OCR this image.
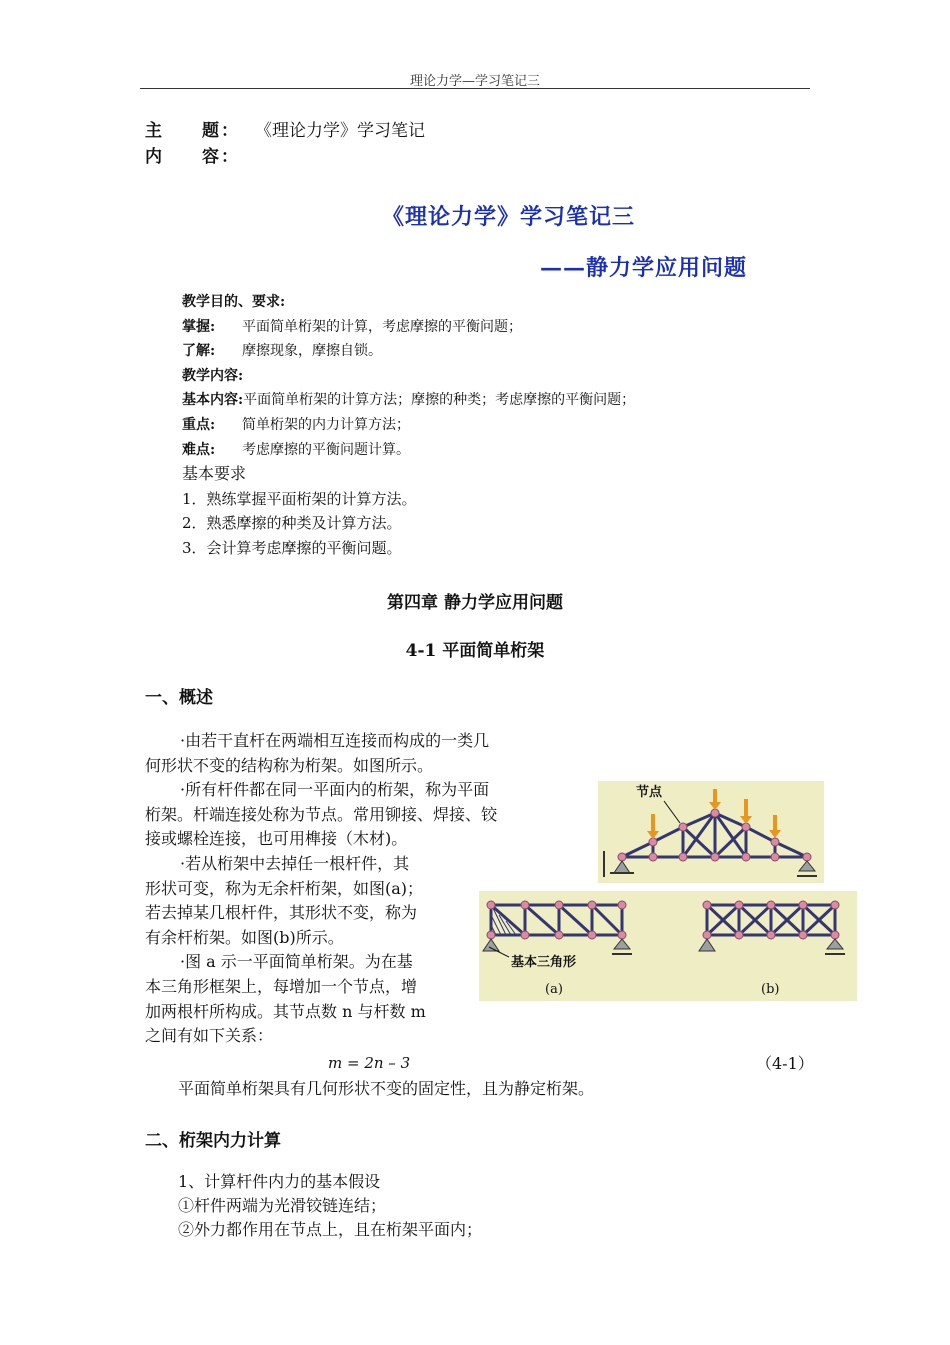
理论力学—学习笔记三
主　　题： 《理论力学》学习笔记
内　　容：
《理论力学》学习笔记三
——静力学应用问题
教学目的、要求:
掌握: 平面简单桁架的计算，考虑摩擦的平衡问题；
了解: 摩擦现象，摩擦自锁。
教学内容:
基本内容:平面简单桁架的计算方法；摩擦的种类；考虑摩擦的平衡问题；
重点: 简单桁架的内力计算方法；
难点: 考虑摩擦的平衡问题计算。
基本要求
1．熟练掌握平面桁架的计算方法。
2．熟悉摩擦的种类及计算方法。
3．会计算考虑摩擦的平衡问题。
第四章 静力学应用问题
4-1 平面简单桁架
一、概述
·由若干直杆在两端相互连接而构成的一类几
何形状不变的结构称为桁架。如图所示。
·所有杆件都在同一平面内的桁架，称为平面
桁架。杆端连接处称为节点。常用铆接、焊接、铰
接或螺栓连接，也可用榫接（木材)。
·若从桁架中去掉任一根杆件，其
形状可变，称为无余杆桁架，如图(a)；
若去掉某几根杆件，其形状不变，称为
有余杆桁架。如图(b)所示。
·图 a 示一平面简单桁架。为在基
本三角形框架上，每增加一个节点，增
加两根杆所构成。其节点数 n 与杆数 m
之间有如下关系：
m = 2n – 3	（4-1）
平面简单桁架具有几何形状不变的固定性，且为静定桁架。
节点
基本三角形
(a)	(b)
二、桁架内力计算
1、计算杆件内力的基本假设
①杆件两端为光滑铰链连结；
②外力都作用在节点上，且在桁架平面内；
